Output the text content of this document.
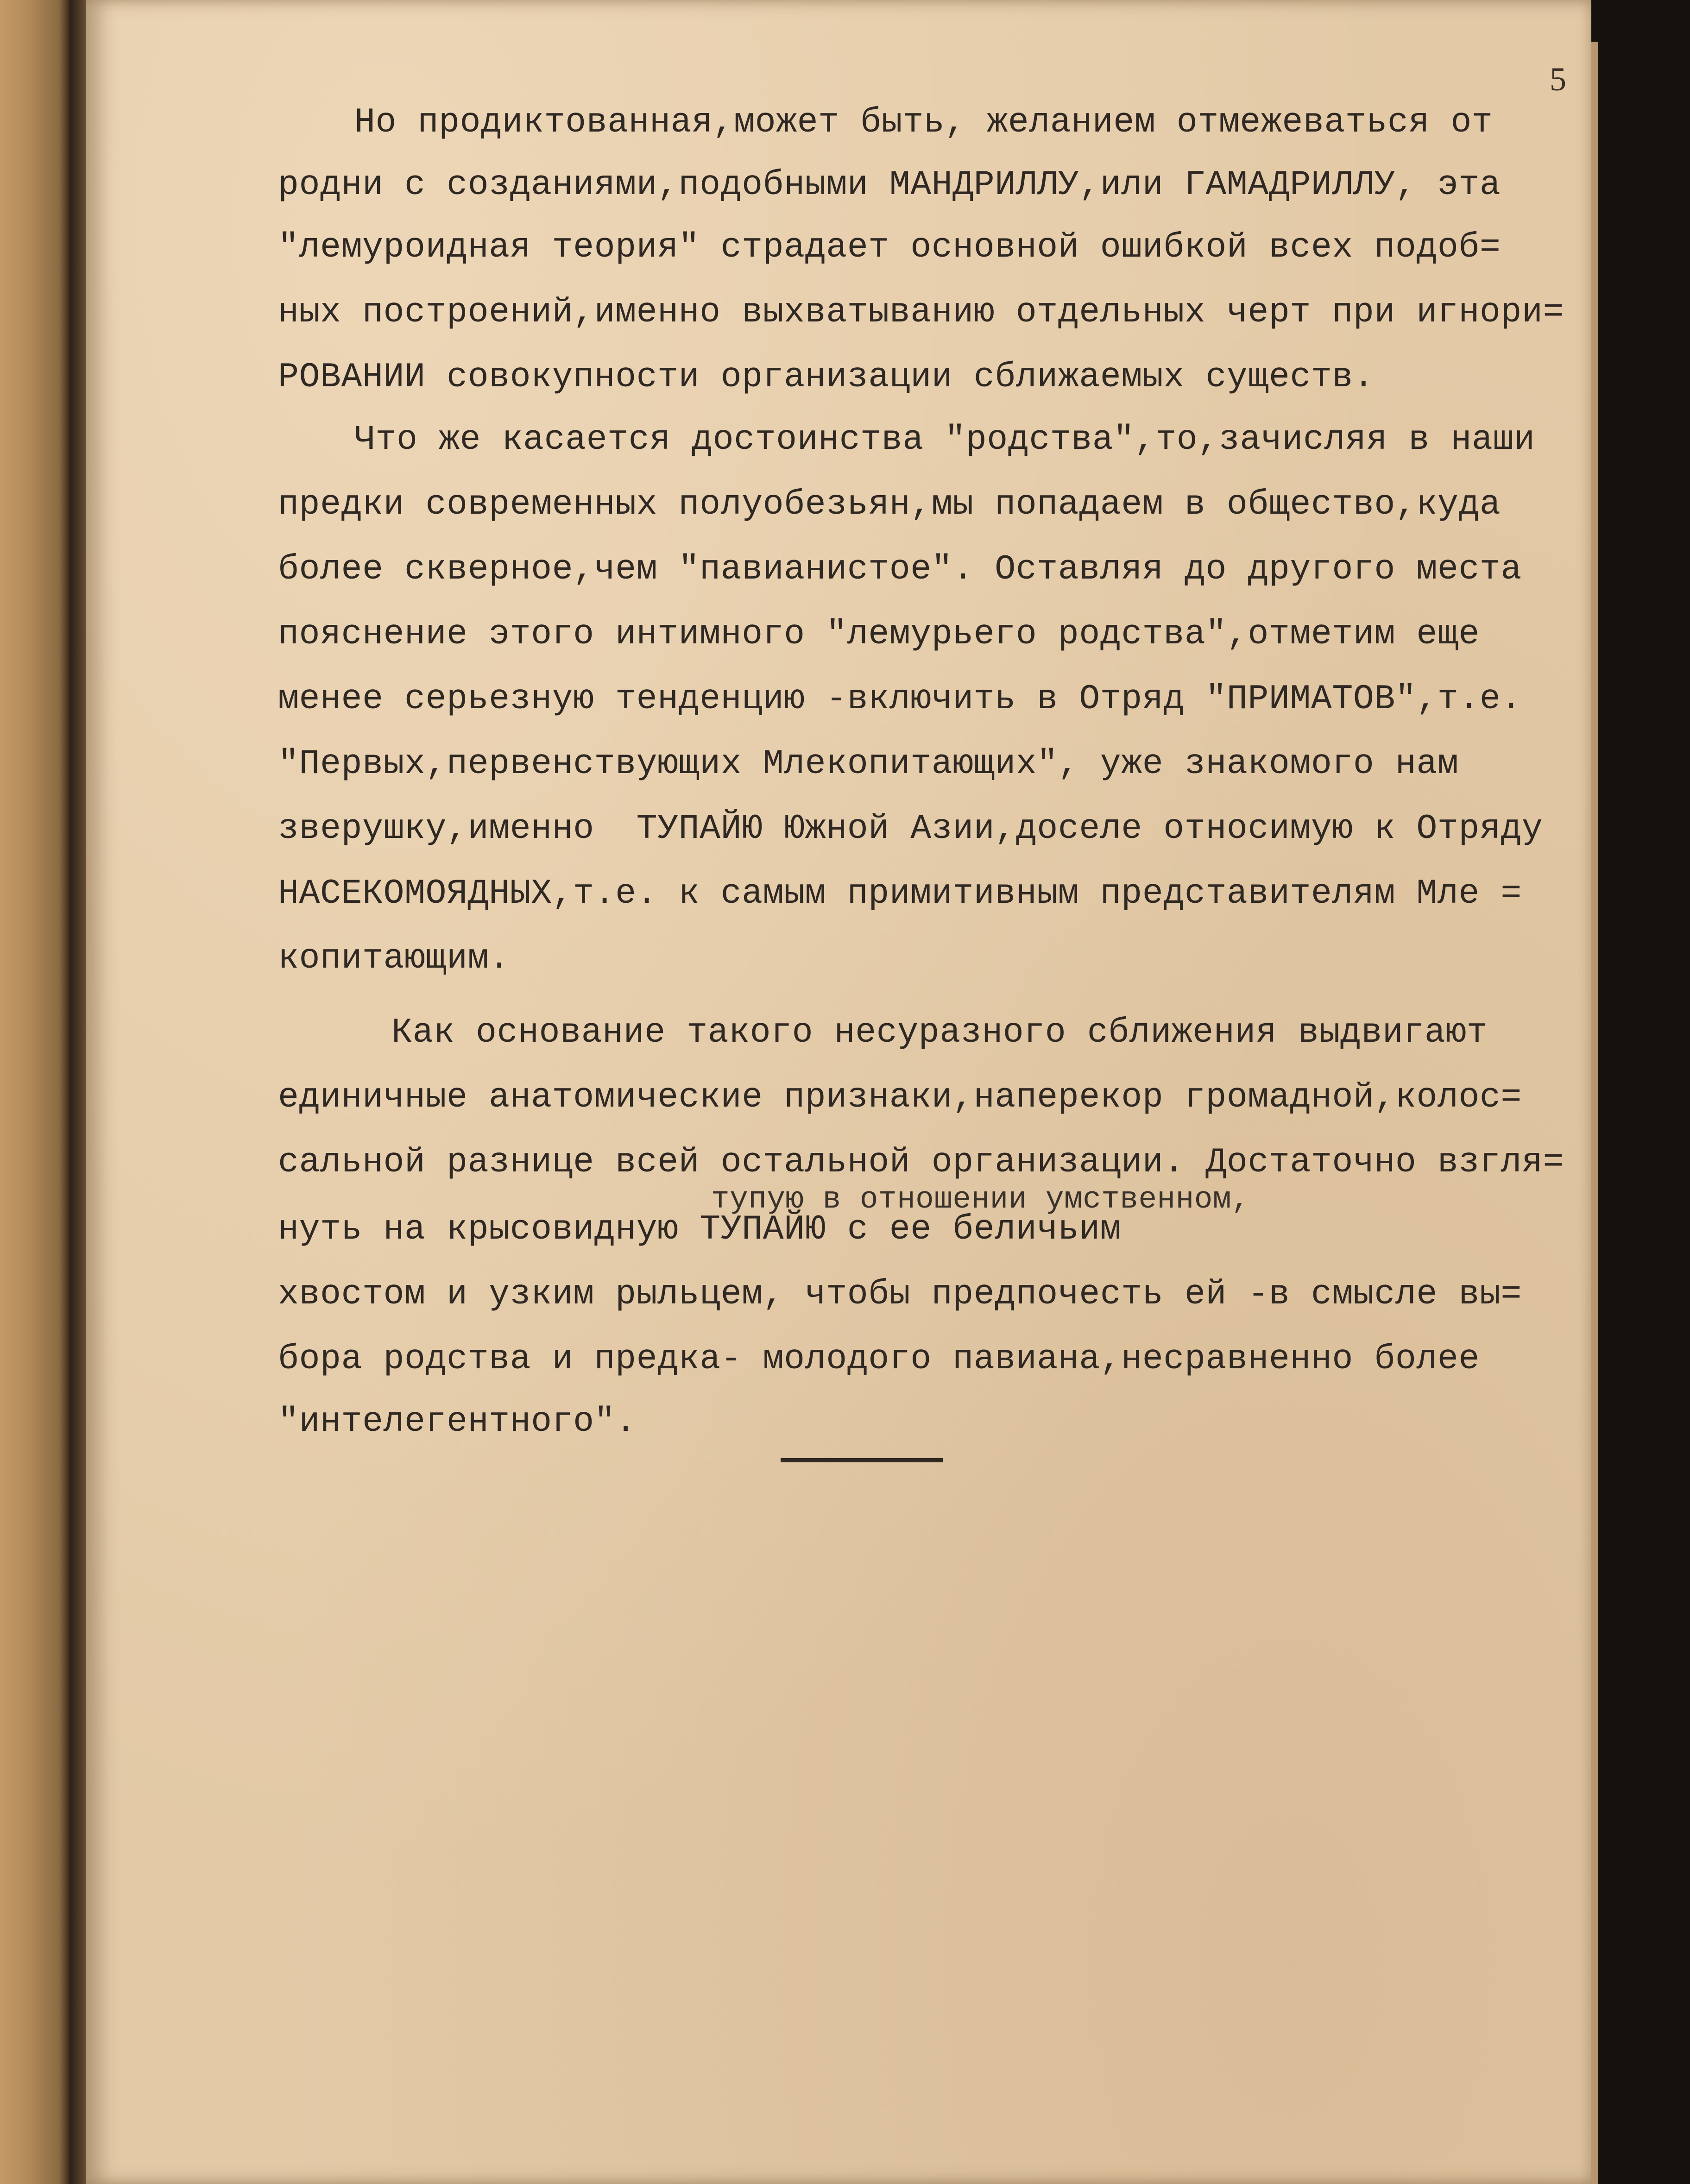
5

Но продиктованная,может быть, желанием отмежеваться от

родни с созданиями,подобными МАНДРИЛЛУ,или ГАМАДРИЛЛУ, эта

"лемуроидная теория" страдает основной ошибкой всех подоб=

ных построений,именно выхватыванию отдельных черт при игнори=

РОВАНИИ совокупности организации сближаемых существ.

Что же касается достоинства "родства",то,зачисляя в наши

предки современных полуобезьян,мы попадаем в общество,куда

более скверное,чем "павианистое". Оставляя до другого места

пояснение этого интимного "лемурьего родства",отметим еще

менее серьезную тенденцию -включить в Отряд "ПРИМАТОВ",т.е.

"Первых,первенствующих Млекопитающих", уже знакомого нам

зверушку,именно  ТУПАЙЮ Южной Азии,доселе относимую к Отряду

НАСЕКОМОЯДНЫХ,т.е. к самым примитивным представителям Мле =

копитающим.

Как основание такого несуразного сближения выдвигают

единичные анатомические признаки,наперекор громадной,колос=

сальной разнице всей остальной организации. Достаточно взгля=

тупую в отношении умственном,

нуть на крысовидную ТУПАЙЮ с ее беличьим

хвостом и узким рыльцем, чтобы предпочесть ей -в смысле вы=

бора родства и предка- молодого павиана,несравненно более

"интелегентного".
